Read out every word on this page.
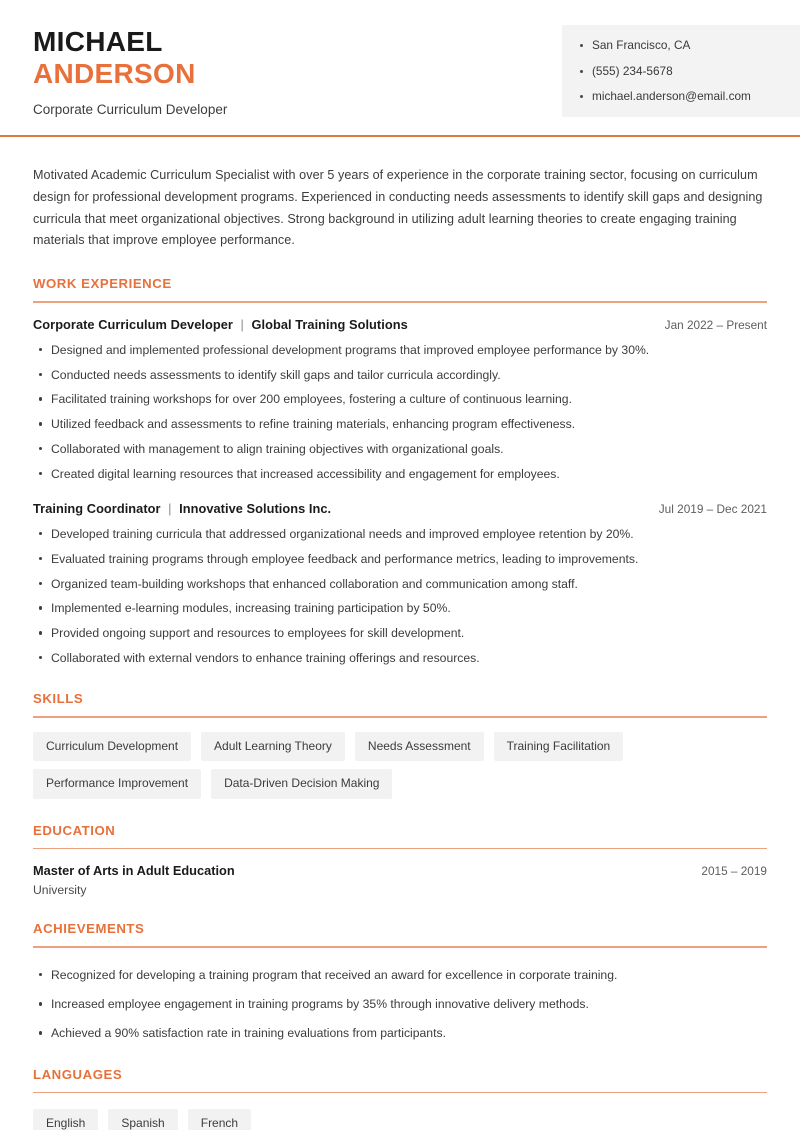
MICHAEL
ANDERSON
Corporate Curriculum Developer
San Francisco, CA
(555) 234-5678
michael.anderson@email.com

Motivated Academic Curriculum Specialist with over 5 years of experience in the corporate training sector, focusing on curriculum design for professional development programs. Experienced in conducting needs assessments to identify skill gaps and designing curricula that meet organizational objectives. Strong background in utilizing adult learning theories to create engaging training materials that improve employee performance.

WORK EXPERIENCE
Corporate Curriculum Developer | Global Training Solutions	Jan 2022 – Present
Designed and implemented professional development programs that improved employee performance by 30%.
Conducted needs assessments to identify skill gaps and tailor curricula accordingly.
Facilitated training workshops for over 200 employees, fostering a culture of continuous learning.
Utilized feedback and assessments to refine training materials, enhancing program effectiveness.
Collaborated with management to align training objectives with organizational goals.
Created digital learning resources that increased accessibility and engagement for employees.
Training Coordinator | Innovative Solutions Inc.	Jul 2019 – Dec 2021
Developed training curricula that addressed organizational needs and improved employee retention by 20%.
Evaluated training programs through employee feedback and performance metrics, leading to improvements.
Organized team-building workshops that enhanced collaboration and communication among staff.
Implemented e-learning modules, increasing training participation by 50%.
Provided ongoing support and resources to employees for skill development.
Collaborated with external vendors to enhance training offerings and resources.
SKILLS
Curriculum Development	Adult Learning Theory	Needs Assessment	Training Facilitation
Performance Improvement	Data-Driven Decision Making
EDUCATION
Master of Arts in Adult Education	2015 – 2019
University
ACHIEVEMENTS
Recognized for developing a training program that received an award for excellence in corporate training.
Increased employee engagement in training programs by 35% through innovative delivery methods.
Achieved a 90% satisfaction rate in training evaluations from participants.
LANGUAGES
English	Spanish	French
